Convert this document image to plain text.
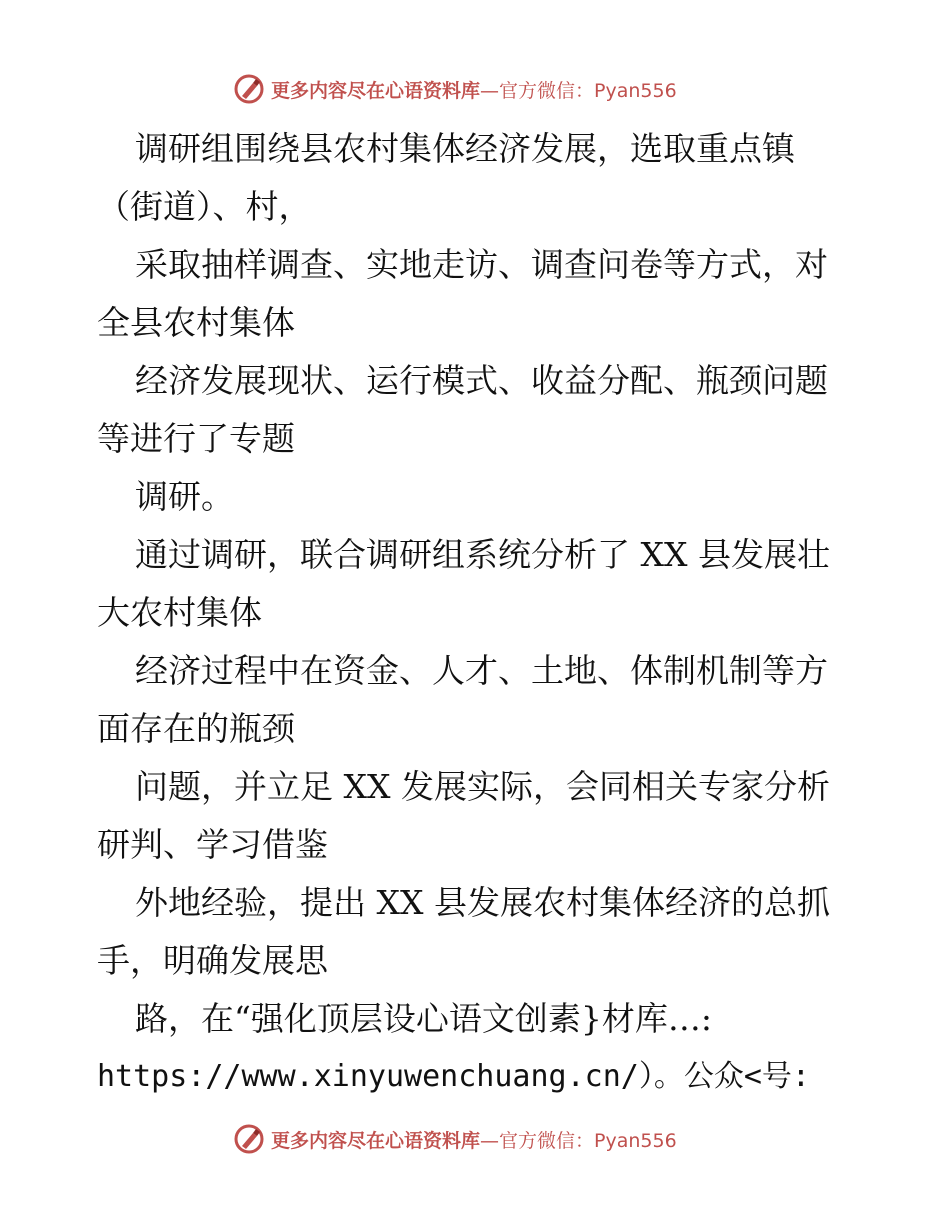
更多内容尽在心语资料库 —官方微信：Pyan556
调研组围绕县农村集体经济发展，选取重点镇
（街道）、村，
采取抽样调查、实地走访、调查问卷等方式，对
全县农村集体
经济发展现状、运行模式、收益分配、瓶颈问题
等进行了专题
调研。
通过调研，联合调研组系统分析了 XX 县发展壮
大农村集体
经济过程中在资金、人才、土地、体制机制等方
面存在的瓶颈
问题，并立足 XX 发展实际，会同相关专家分析
研判、学习借鉴
外地经验，提出 XX 县发展农村集体经济的总抓
手，明确发展思
路，在“强化顶层设心语文创素}材库…:
https://www.xinyuwenchuang.cn/）。公众<号:
更多内容尽在心语资料库 —官方微信：Pyan556
